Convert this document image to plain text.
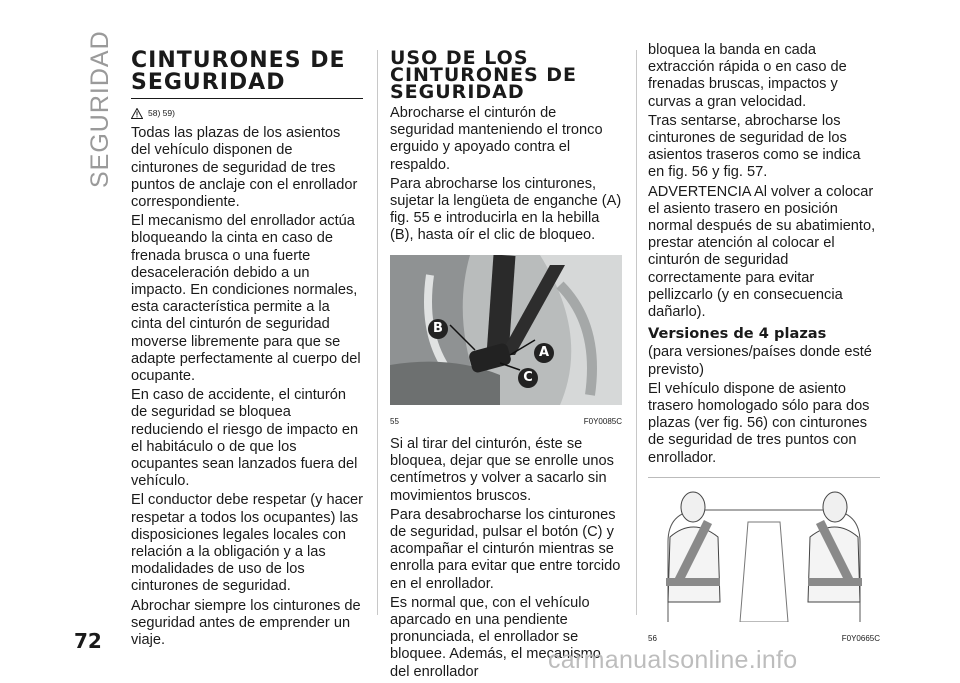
SEGURIDAD CINTURONES DE SEGURIDAD
58) 59)

Todas las plazas de los asientos del vehículo disponen de cinturones de seguridad de tres puntos de anclaje con el enrollador correspondiente.

El mecanismo del enrollador actúa bloqueando la cinta en caso de frenada brusca o una fuerte desaceleración debido a un impacto. En condiciones normales, esta característica permite a la cinta del cinturón de seguridad moverse libremente para que se adapte perfectamente al cuerpo del ocupante.

En caso de accidente, el cinturón de seguridad se bloquea reduciendo el riesgo de impacto en el habitáculo o de que los ocupantes sean lanzados fuera del vehículo.

El conductor debe respetar (y hacer respetar a todos los ocupantes) las disposiciones legales locales con relación a la obligación y a las modalidades de uso de los cinturones de seguridad.

Abrochar siempre los cinturones de seguridad antes de emprender un viaje.

USO DE LOS CINTURONES DE SEGURIDAD

Abrocharse el cinturón de seguridad manteniendo el tronco erguido y apoyado contra el respaldo.

Para abrocharse los cinturones, sujetar la lengüeta de enganche (A) fig. 55 e introducirla en la hebilla (B), hasta oír el clic de bloqueo.

A
B
C
55	F0Y0085C

Si al tirar del cinturón, éste se bloquea, dejar que se enrolle unos centímetros y volver a sacarlo sin movimientos bruscos.

Para desabrocharse los cinturones de seguridad, pulsar el botón (C) y acompañar el cinturón mientras se enrolla para evitar que entre torcido en el enrollador.

Es normal que, con el vehículo aparcado en una pendiente pronunciada, el enrollador se bloquee. Además, el mecanismo del enrollador

bloquea la banda en cada extracción rápida o en caso de frenadas bruscas, impactos y curvas a gran velocidad.

Tras sentarse, abrocharse los cinturones de seguridad de los asientos traseros como se indica en fig. 56 y fig. 57.

ADVERTENCIA Al volver a colocar el asiento trasero en posición normal después de su abatimiento, prestar atención al colocar el cinturón de seguridad correctamente para evitar pellizcarlo (y en consecuencia dañarlo).

Versiones de 4 plazas

(para versiones/países donde esté previsto)

El vehículo dispone de asiento trasero homologado sólo para dos plazas (ver fig. 56) con cinturones de seguridad de tres puntos con enrollador.

56	F0Y0665C
72
carmanualsonline.info
